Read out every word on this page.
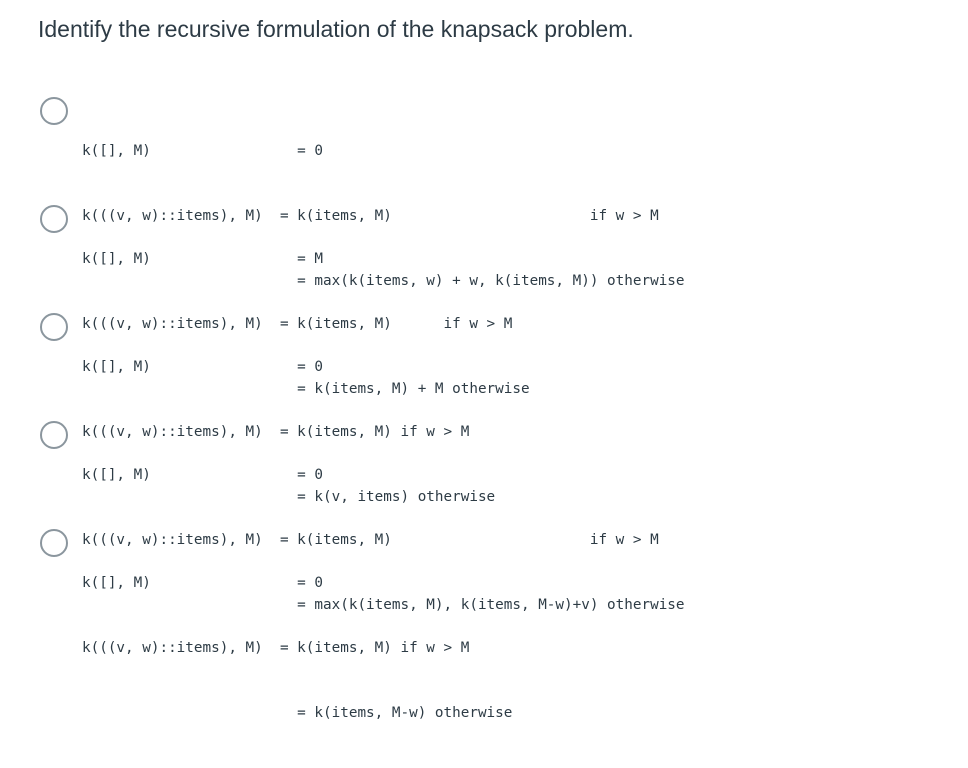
Identify the recursive formulation of the knapsack problem.

k([], M)                 = 0

k(((v, w)::items), M)  = k(items, M)                       if w > M

= max(k(items, w) + w, k(items, M)) otherwise

k([], M)                 = M

k(((v, w)::items), M)  = k(items, M)      if w > M

= k(items, M) + M otherwise

k([], M)                 = 0

k(((v, w)::items), M)  = k(items, M) if w > M

= k(v, items) otherwise

k([], M)                 = 0

k(((v, w)::items), M)  = k(items, M)                       if w > M

= max(k(items, M), k(items, M-w)+v) otherwise

k([], M)                 = 0

k(((v, w)::items), M)  = k(items, M) if w > M

= k(items, M-w) otherwise
